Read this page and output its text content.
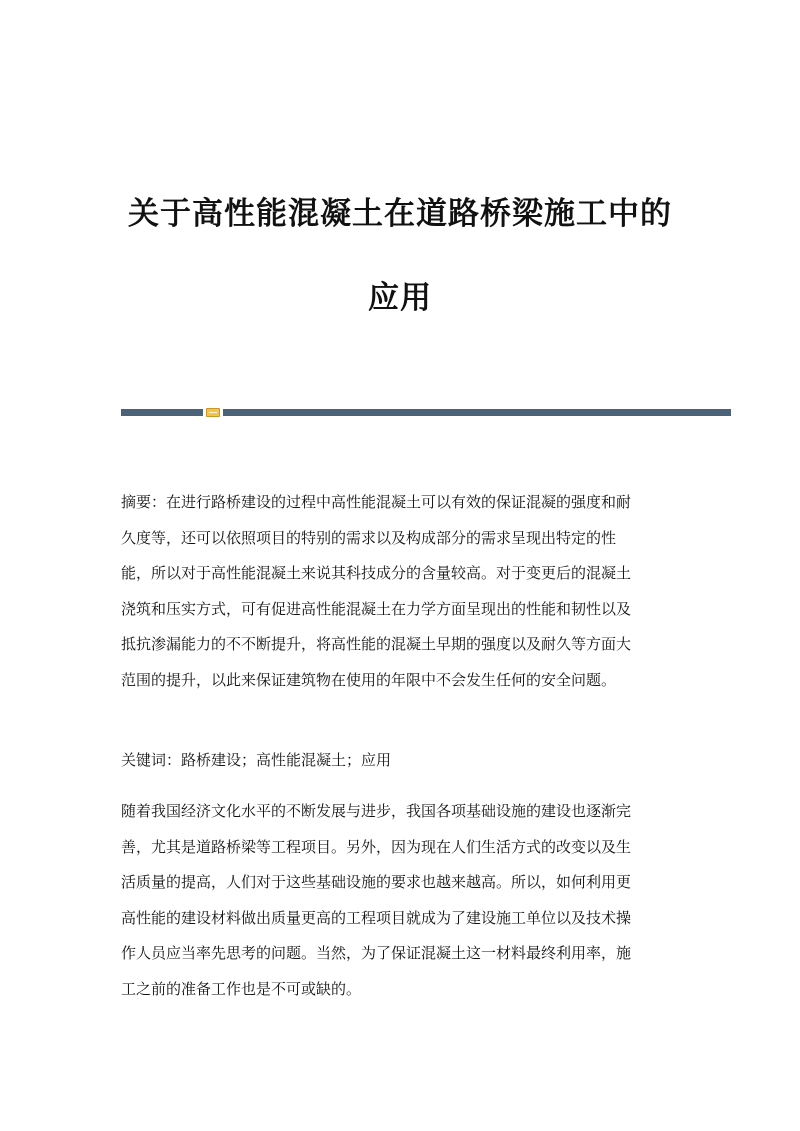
关于高性能混凝土在道路桥梁施工中的
应用
摘要：在进行路桥建设的过程中高性能混凝土可以有效的保证混凝的强度和耐
久度等，还可以依照项目的特别的需求以及构成部分的需求呈现出特定的性
能，所以对于高性能混凝土来说其科技成分的含量较高。对于变更后的混凝土
浇筑和压实方式，可有促进高性能混凝土在力学方面呈现出的性能和韧性以及
抵抗渗漏能力的不不断提升，将高性能的混凝土早期的强度以及耐久等方面大
范围的提升，以此来保证建筑物在使用的年限中不会发生任何的安全问题。
关键词：路桥建设；高性能混凝土；应用
随着我国经济文化水平的不断发展与进步，我国各项基础设施的建设也逐渐完
善，尤其是道路桥梁等工程项目。另外，因为现在人们生活方式的改变以及生
活质量的提高，人们对于这些基础设施的要求也越来越高。所以，如何利用更
高性能的建设材料做出质量更高的工程项目就成为了建设施工单位以及技术操
作人员应当率先思考的问题。当然，为了保证混凝土这一材料最终利用率，施
工之前的准备工作也是不可或缺的。
